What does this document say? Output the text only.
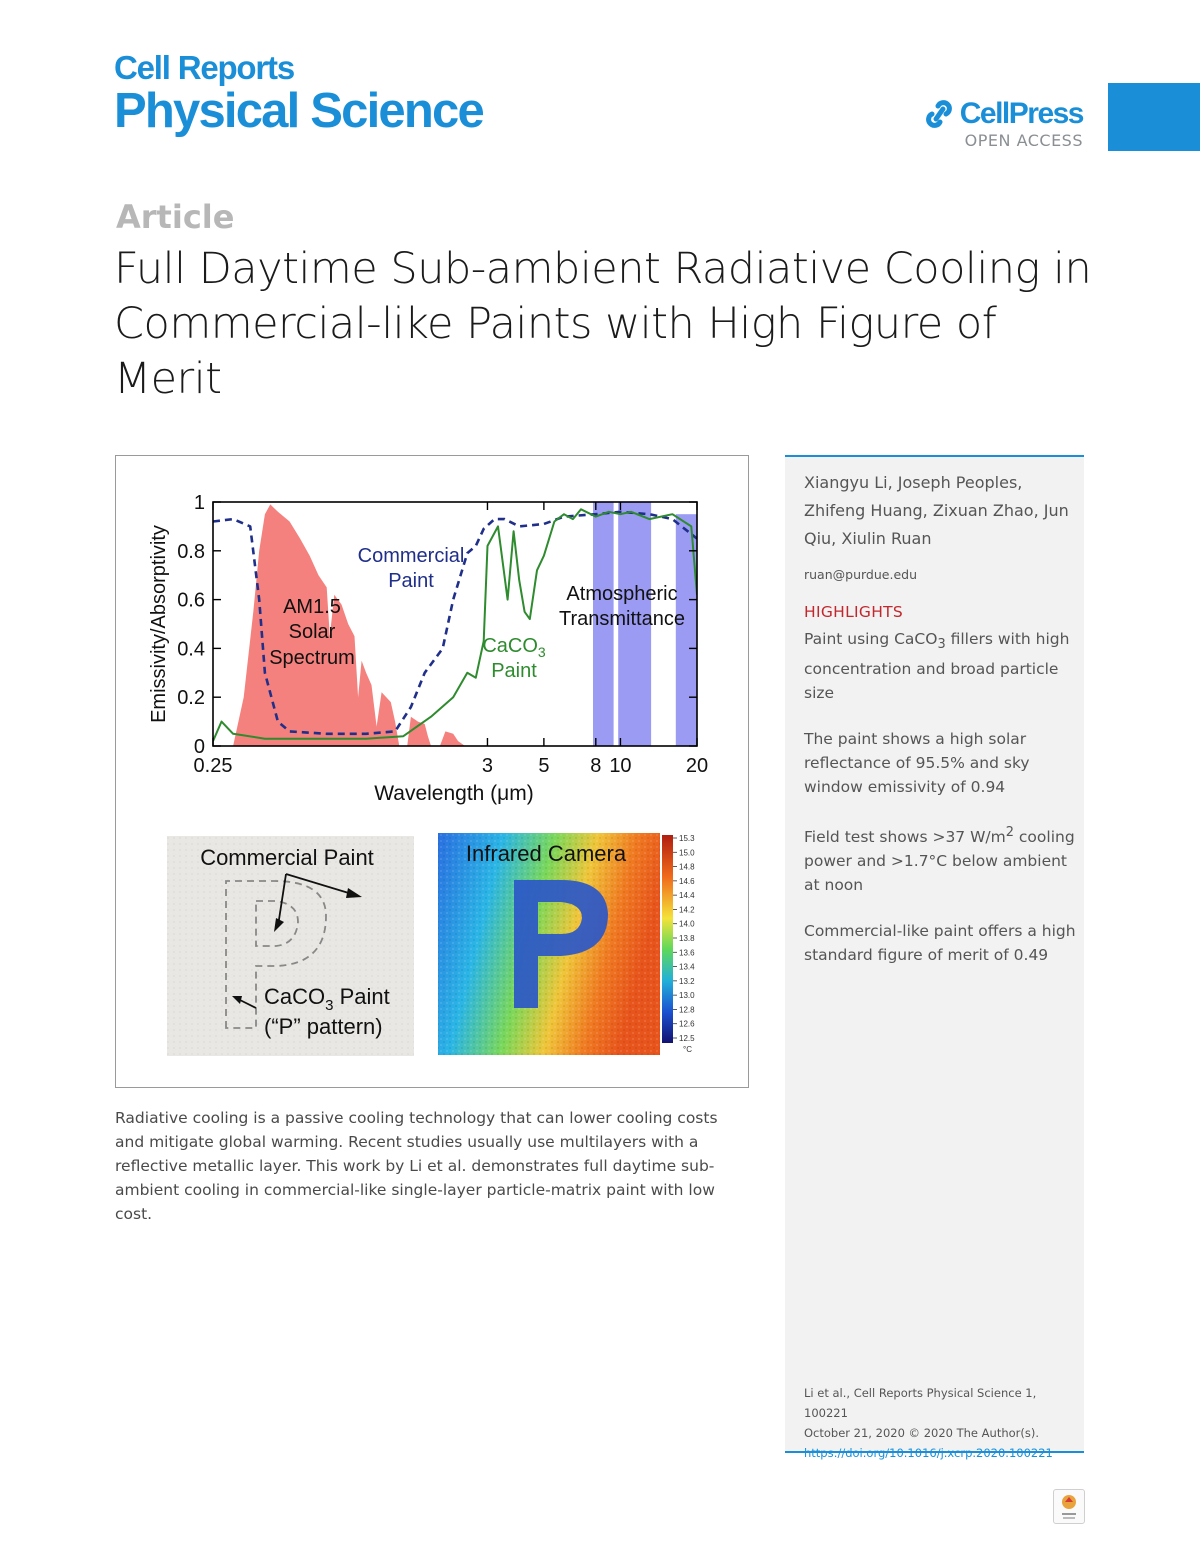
Cell Reports
Physical Science	CellPress
OPEN ACCESS
Article
Full Daytime Sub-ambient Radiative Cooling in Commercial-like Paints with High Figure of Merit
0.25	3 5 8 10	20
0
0.2
0.4
0.6
0.8
1
Wavelength (μm)
Emissivity/Absorptivity	Commercial
Paint
AM1.5
Solar
Spectrum
CaCO$_3$
Paint
Atmospheric
Transmittance
Commercial Paint
CaCO$_3$ Paint
(“P” pattern)
Infrared Camera
15.3
15.0
14.8
14.6
14.4
14.2
14.0
13.8
13.6
13.4
13.2
13.0
12.8
12.6
12.5
°C
Radiative cooling is a passive cooling technology that can lower cooling costs and mitigate global warming. Recent studies usually use multilayers with a reflective metallic layer. This work by Li et al. demonstrates full daytime sub-ambient cooling in commercial-like single-layer particle-matrix paint with low cost.
Xiangyu Li, Joseph Peoples, Zhifeng Huang, Zixuan Zhao, Jun Qiu, Xiulin Ruan
ruan@purdue.edu
HIGHLIGHTS
Paint using CaCO$_3$ fillers with high concentration and broad particle size
The paint shows a high solar reflectance of 95.5% and sky window emissivity of 0.94
Field test shows >37 $W/m^2$ cooling power and >1.7°C below ambient at noon
Commercial-like paint offers a high standard figure of merit of 0.49
Li et al., Cell Reports Physical Science 1, 100221
October 21, 2020 © 2020 The Author(s).
https://doi.org/10.1016/j.xcrp.2020.100221
